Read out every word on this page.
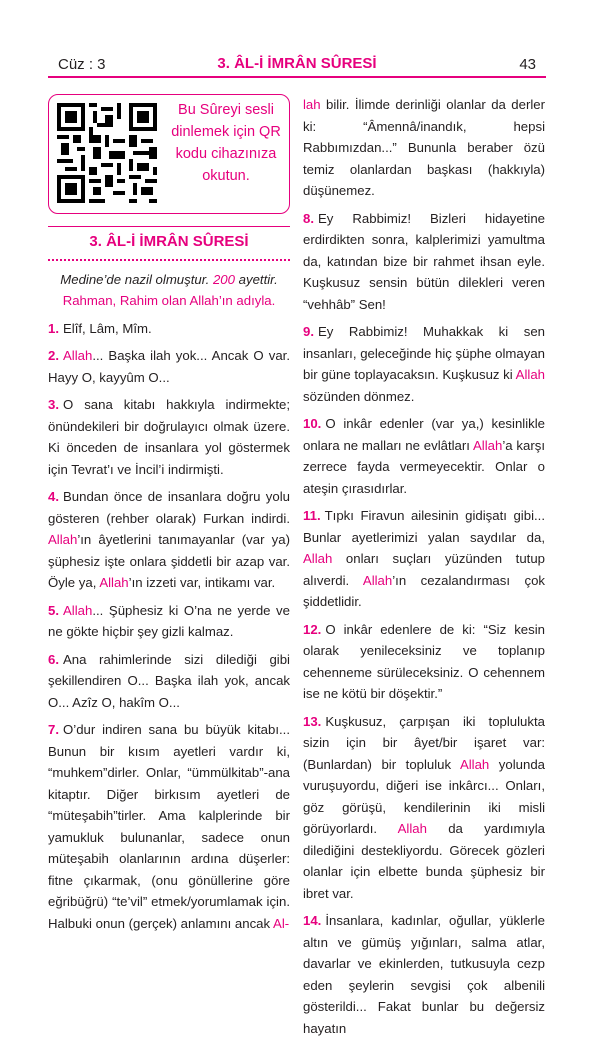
Cüz : 3	3. ÂL-İ İMRÂN SÛRESİ	43
Bu Sûreyi sesli dinlemek için QR kodu cihazınıza okutun.
3. ÂL-İ İMRÂN SÛRESİ

Medine’de nazil olmuştur. 200 ayettir.

Rahman, Rahim olan Allah’ın adıyla.

1. Elîf, Lâm, Mîm.

2. Allah... Başka ilah yok... Ancak O var. Hayy O, kayyûm O...

3. O sana kitabı hakkıyla indirmekte; önündekileri bir doğrulayıcı olmak üzere. Ki önceden de insanlara yol göstermek için Tevrat’ı ve İncil’i indirmişti.

4. Bundan önce de insanlara doğru yolu gösteren (rehber olarak) Furkan indirdi. Allah’ın âyetlerini tanımayanlar (var ya) şüphesiz işte onlara şiddetli bir azap var. Öyle ya, Allah’ın izzeti var, intikamı var.

5. Allah... Şüphesiz ki O’na ne yerde ve ne gökte hiçbir şey gizli kalmaz.

6. Ana rahimlerinde sizi dilediği gibi şekillendiren O... Başka ilah yok, ancak O... Azîz O, hakîm O...

7. O’dur indiren sana bu büyük kitabı... Bunun bir kısım ayetleri vardır ki, “muhkem”dirler. Onlar, “ümmülkitab”-ana kitaptır. Diğer birkısım ayetleri de “müteşabih”tirler. Ama kalplerinde bir yamukluk bulunanlar, sadece onun müteşabih olanlarının ardına düşerler: fitne çıkarmak, (onu gönüllerine göre eğribüğrü) “te’vil” etmek/yorumlamak için. Halbuki onun (gerçek) anlamını ancak Al-

lah bilir. İlimde derinliği olanlar da derler ki: “Âmennâ/inandık, hepsi Rabbımızdan...” Bununla beraber özü temiz olanlardan başkası (hakkıyla) düşünemez.

8. Ey Rabbimiz! Bizleri hidayetine erdirdikten sonra, kalplerimizi yamultma da, katından bize bir rahmet ihsan eyle. Kuşkusuz sensin bütün dilekleri veren “vehhâb” Sen!

9. Ey Rabbimiz! Muhakkak ki sen insanları, geleceğinde hiç şüphe olmayan bir güne toplayacaksın. Kuşkusuz ki Allah sözünden dönmez.

10. O inkâr edenler (var ya,) kesinlikle onlara ne malları ne evlâtları Allah’a karşı zerrece fayda vermeyecektir. Onlar o ateşin çırasıdırlar.

11. Tıpkı Firavun ailesinin gidişatı gibi... Bunlar ayetlerimizi yalan saydılar da, Allah onları suçları yüzünden tutup alıverdi. Allah’ın cezalandırması çok şiddetlidir.

12. O inkâr edenlere de ki: “Siz kesin olarak yenileceksiniz ve toplanıp cehenneme sürüleceksiniz. O cehennem ise ne kötü bir döşektir.”

13. Kuşkusuz, çarpışan iki toplulukta sizin için bir âyet/bir işaret var: (Bunlardan) bir topluluk Allah yolunda vuruşuyordu, diğeri ise inkârcı... Onları, göz görüşü, kendilerinin iki misli görüyorlardı. Allah da yardımıyla dilediğini destekliyordu. Görecek gözleri olanlar için elbette bunda şüphesiz bir ibret var.

14. İnsanlara, kadınlar, oğullar, yüklerle altın ve gümüş yığınları, salma atlar, davarlar ve ekinlerden, tutkusuyla cezp eden şeylerin sevgisi çok albenili gösterildi... Fakat bunlar bu değersiz hayatın
